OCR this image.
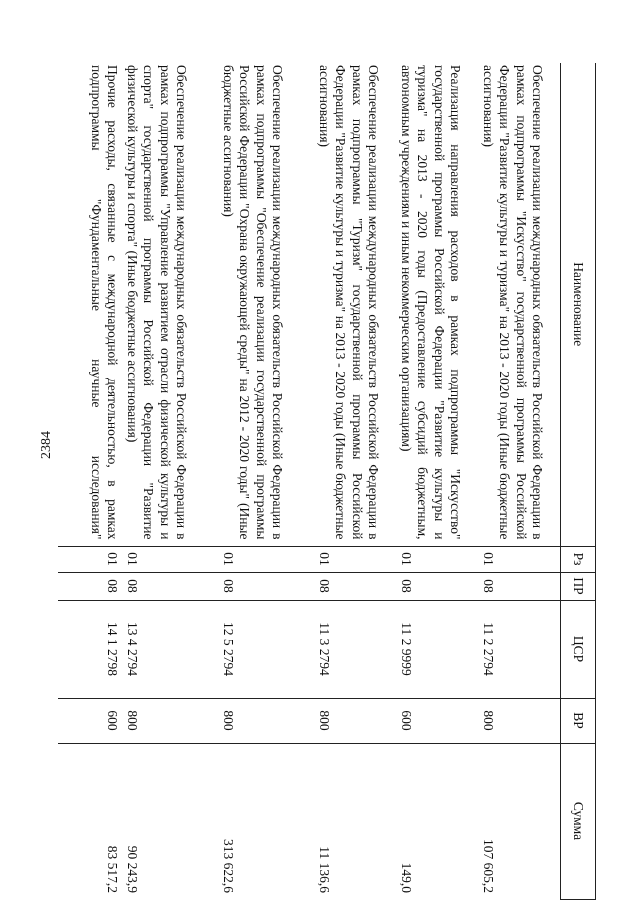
2384
Наименование	Рз	ПР	ЦСР	ВР	Сумма
Обеспечение реализации международных обязательств Российской Федерации в рамках подпрограммы "Искусство" государственной программы Российской Федерации "Развитие культуры и туризма" на 2013 - 2020 годы (Иные бюджетные ассигнования)	01	08	11 2 2794	800	107 605,2
Реализация направления расходов в рамках подпрограммы "Искусство" государственной программы Российской Федерации "Развитие культуры и туризма" на 2013 - 2020 годы (Предоставление субсидий бюджетным, автономным учреждениям и иным некоммерческим организациям)	01	08	11 2 9999	600	149,0
Обеспечение реализации международных обязательств Российской Федерации в рамках подпрограммы "Туризм" государственной программы Российской Федерации "Развитие культуры и туризма" на 2013 - 2020 годы (Иные бюджетные ассигнования)	01	08	11 3 2794	800	11 136,6
Обеспечение реализации международных обязательств Российской Федерации в рамках подпрограммы "Обеспечение реализации государственной программы Российской Федерации "Охрана окружающей среды" на 2012 - 2020 годы" (Иные бюджетные ассигнования)	01	08	12 5 2794	800	313 622,6
Обеспечение реализации международных обязательств Российской Федерации в рамках подпрограммы "Управление развитием отрасли физической культуры и спорта" государственной программы Российской Федерации "Развитие физической культуры и спорта" (Иные бюджетные ассигнования)	01	08	13 4 2794	800	90 243,9
Прочие расходы, связанные с международной деятельностью, в рамках подпрограммы "Фундаментальные научные исследования"	01	08	14 1 2798	600	83 517,2
